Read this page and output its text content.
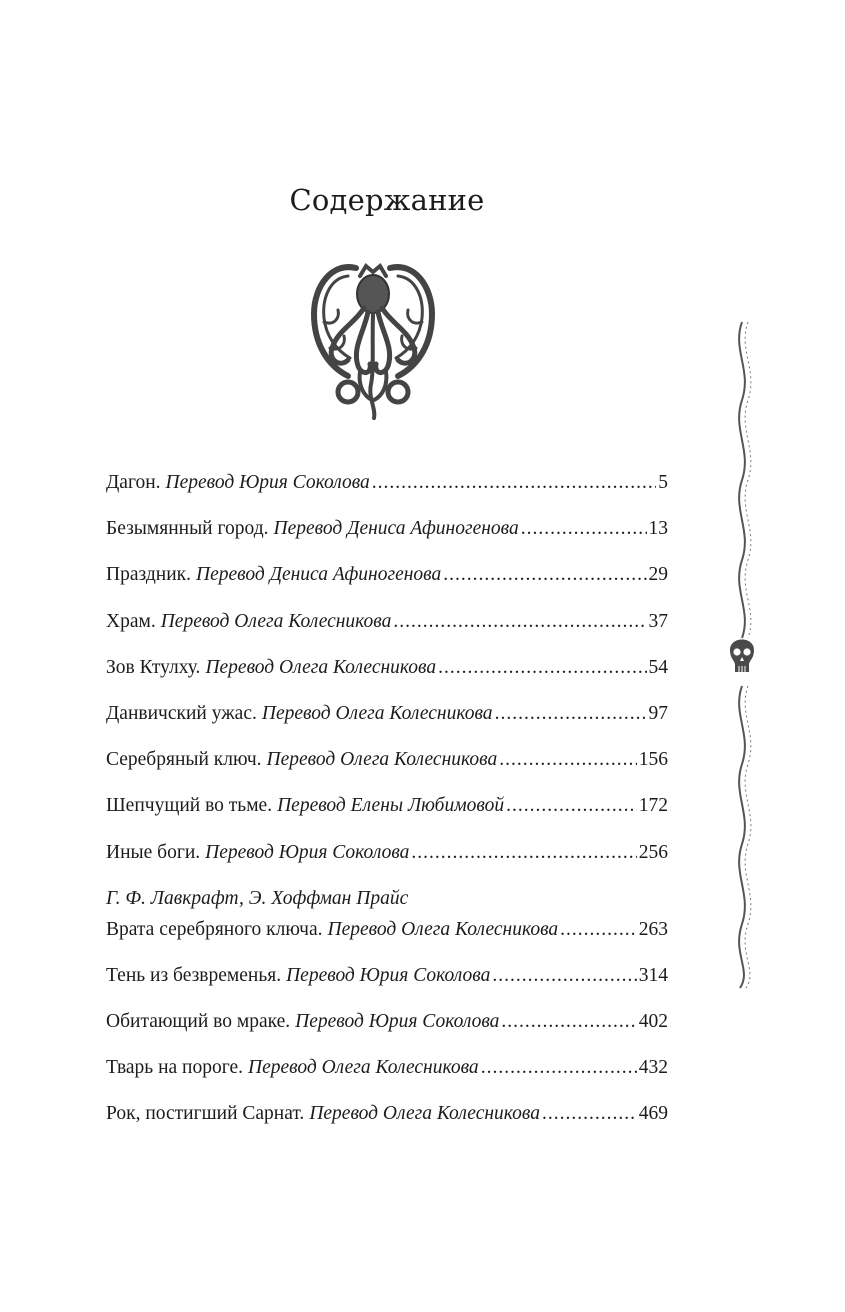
Содержание
Дагон. Перевод Юрия Соколова .....	5
Безымянный город. Перевод Дениса Афиногенова .....	13
Праздник. Перевод Дениса Афиногенова .....	29
Храм. Перевод Олега Колесникова .....	37
Зов Ктулху. Перевод Олега Колесникова .....	54
Данвичский ужас. Перевод Олега Колесникова .....	97
Серебряный ключ. Перевод Олега Колесникова .....	156
Шепчущий во тьме. Перевод Елены Любимовой .....	172
Иные боги. Перевод Юрия Соколова .....	256
Г. Ф. Лавкрафт, Э. Хоффман Прайс
Врата серебряного ключа. Перевод Олега Колесникова .....	263
Тень из безвременья. Перевод Юрия Соколова .....	314
Обитающий во мраке. Перевод Юрия Соколова .....	402
Тварь на пороге. Перевод Олега Колесникова .....	432
Рок, постигший Сарнат. Перевод Олега Колесникова .....	469
